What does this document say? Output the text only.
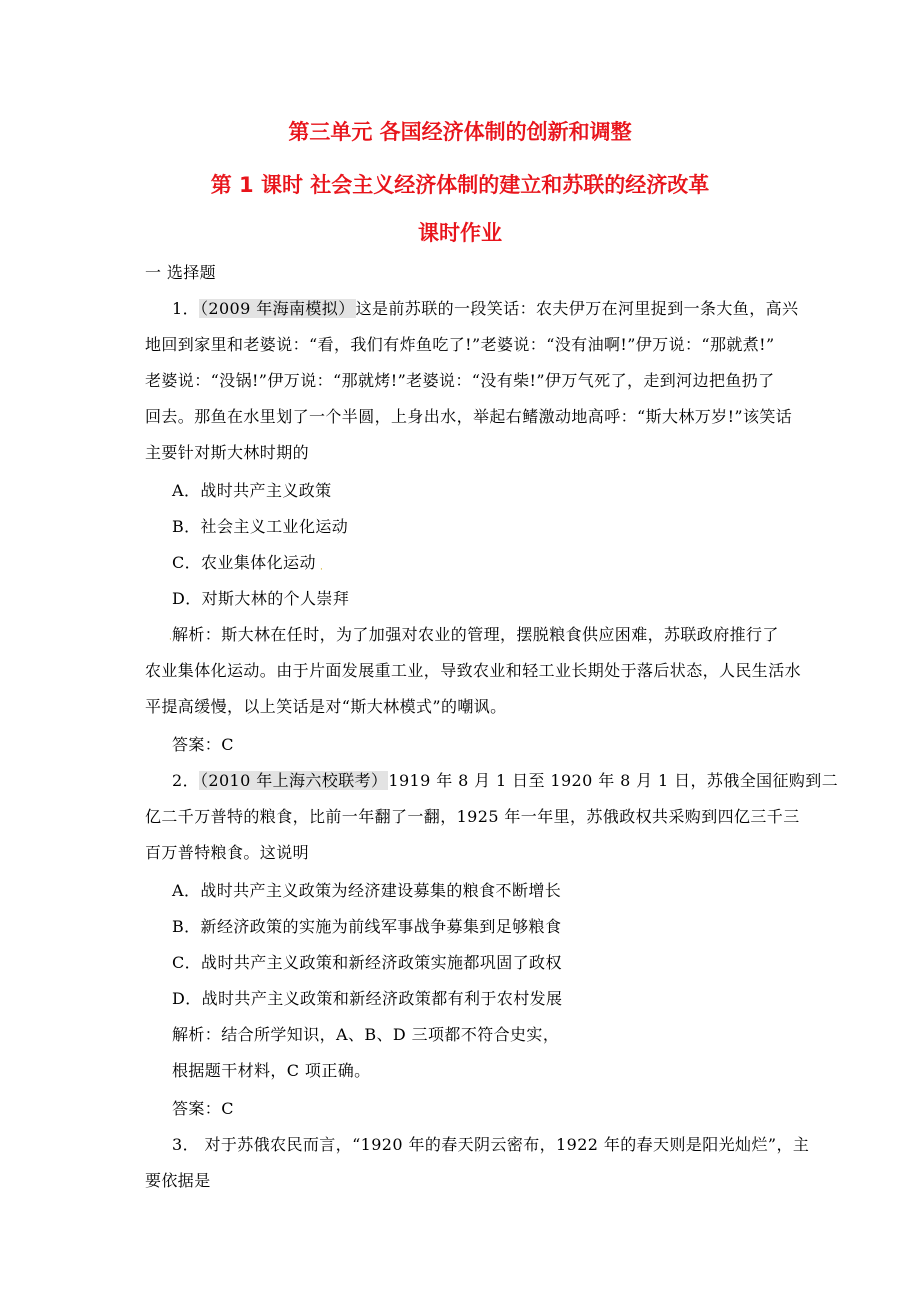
第三单元 各国经济体制的创新和调整
第 1 课时 社会主义经济体制的建立和苏联的经济改革
课时作业
一 选择题
1．（2009 年海南模拟）这是前苏联的一段笑话：农夫伊万在河里捉到一条大鱼，高兴
地回到家里和老婆说：“看，我们有炸鱼吃了!”老婆说：“没有油啊!”伊万说：“那就煮!”
老婆说：“没锅!”伊万说：“那就烤!”老婆说：“没有柴!”伊万气死了，走到河边把鱼扔了
回去。那鱼在水里划了一个半圆，上身出水，举起右鳍激动地高呼：“斯大林万岁!”该笑话
主要针对斯大林时期的
A．战时共产主义政策
B．社会主义工业化运动
C．农业集体化运动
D．对斯大林的个人崇拜
解析：斯大林在任时，为了加强对农业的管理，摆脱粮食供应困难，苏联政府推行了
农业集体化运动。由于片面发展重工业，导致农业和轻工业长期处于落后状态，人民生活水
平提高缓慢，以上笑话是对“斯大林模式”的嘲讽。
答案：C
2．（2010 年上海六校联考）1919 年 8 月 1 日至 1920 年 8 月 1 日，苏俄全国征购到二
亿二千万普特的粮食，比前一年翻了一翻，1925 年一年里，苏俄政权共采购到四亿三千三
百万普特粮食。这说明
A．战时共产主义政策为经济建设募集的粮食不断增长
B．新经济政策的实施为前线军事战争募集到足够粮食
C．战时共产主义政策和新经济政策实施都巩固了政权
D．战时共产主义政策和新经济政策都有利于农村发展
解析：结合所学知识，A、B、D 三项都不符合史实，
根据题干材料，C 项正确。
答案：C
3． 对于苏俄农民而言，“1920 年的春天阴云密布，1922 年的春天则是阳光灿烂”，主
要依据是
·
·
